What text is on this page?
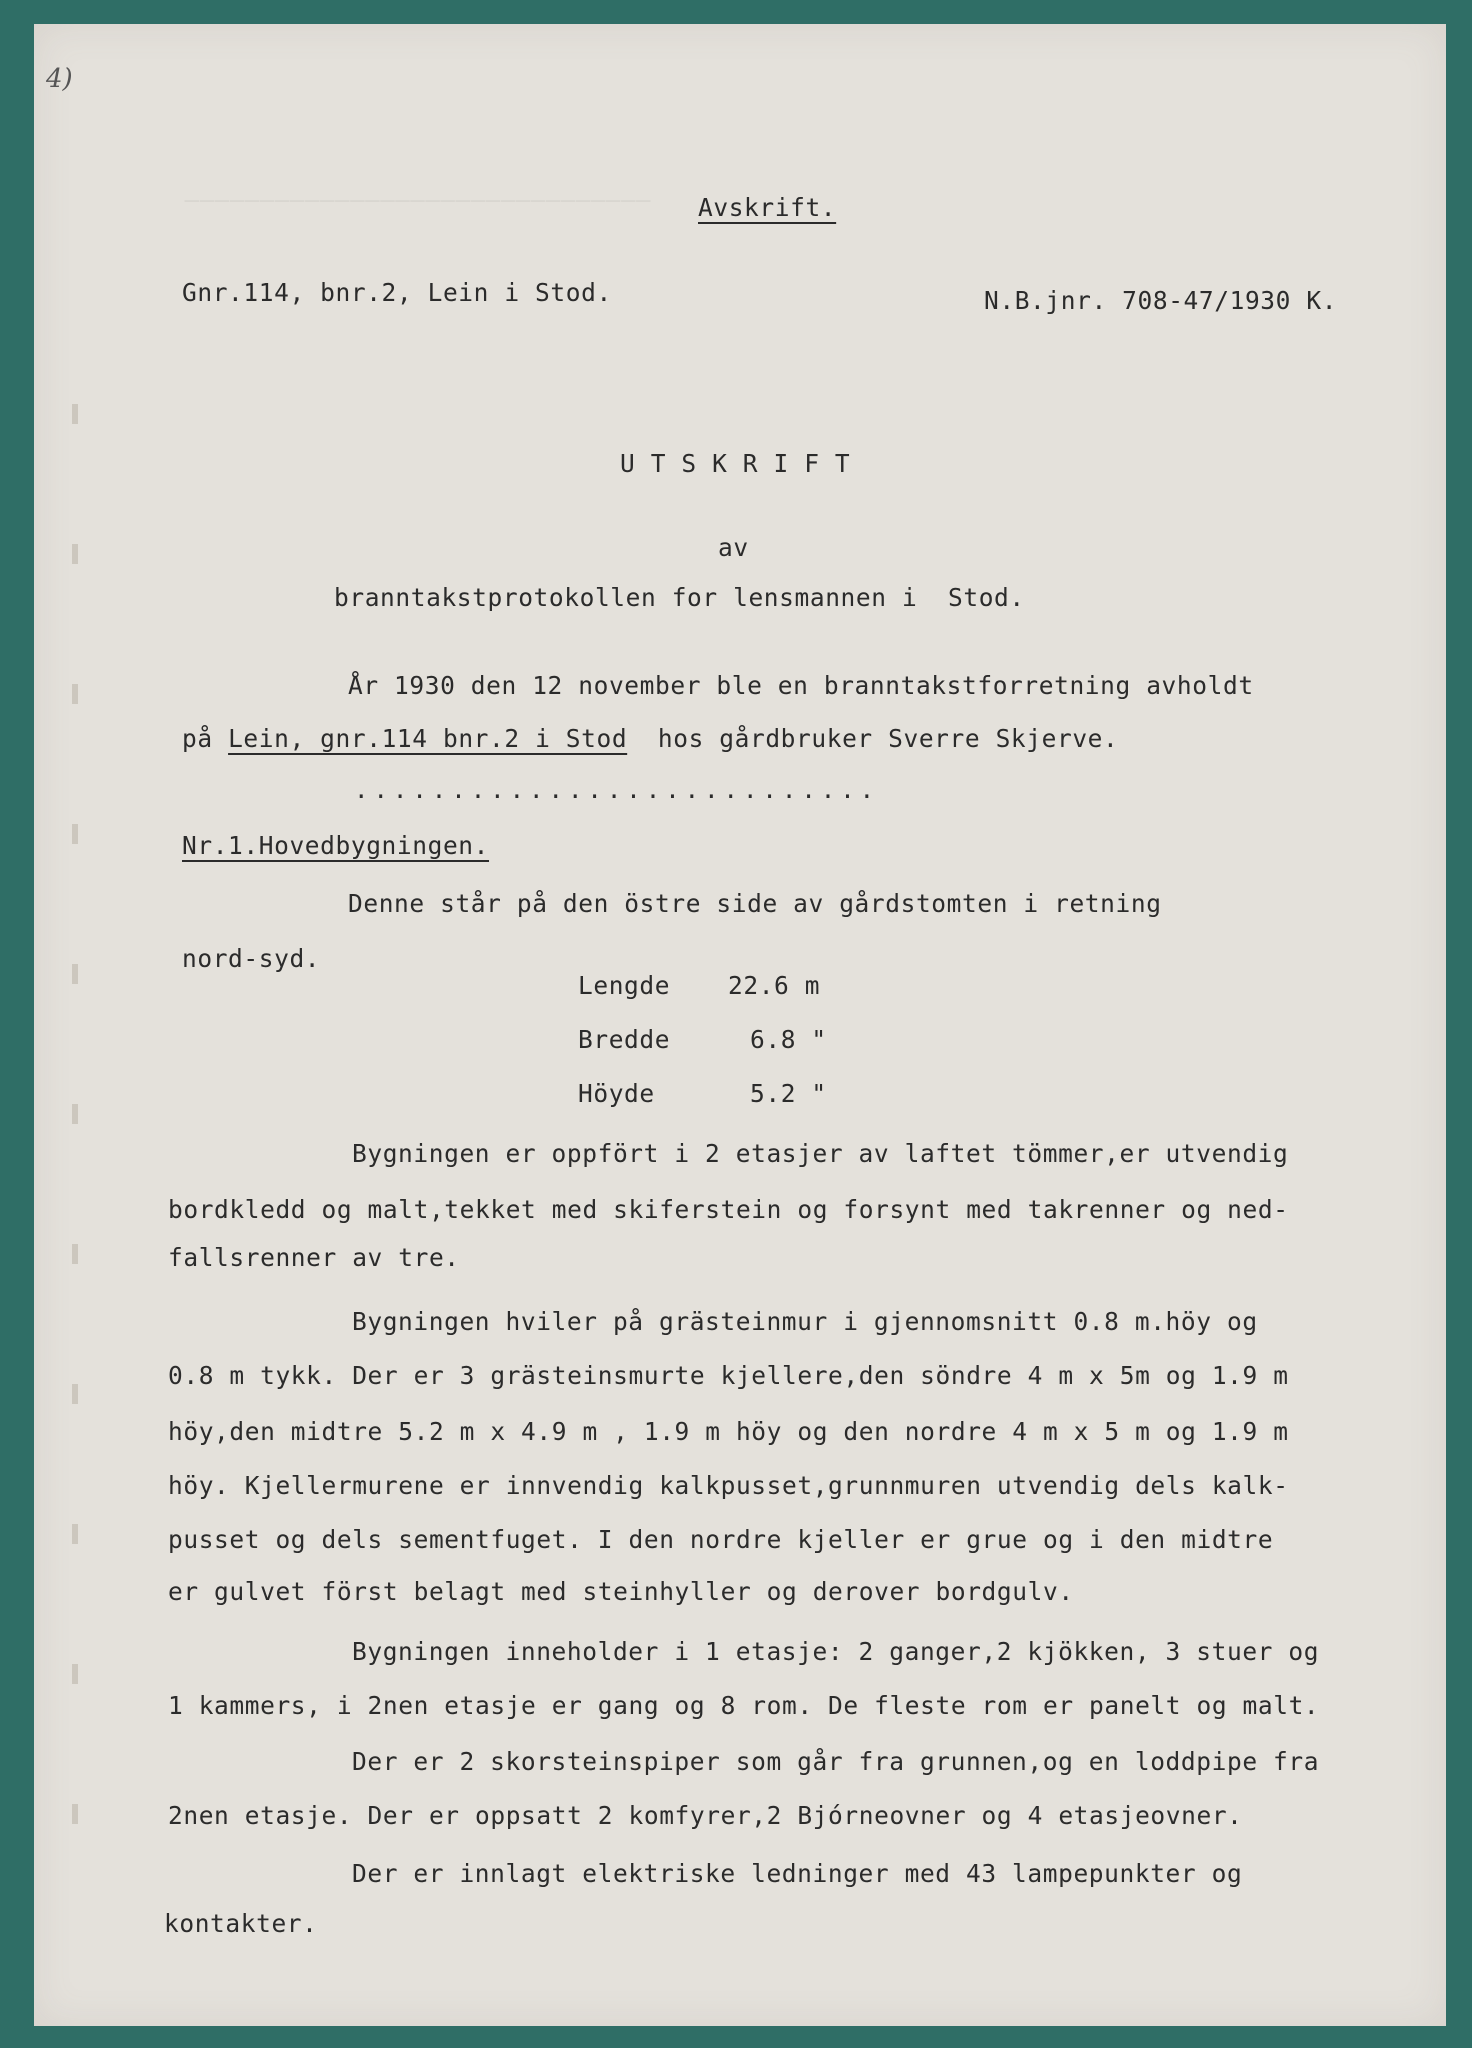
_______________________________
4)
Avskrift.
Gnr.114, bnr.2, Lein i Stod.	N.B.jnr. 708-47/1930 K.
U T S K R I F T
av
branntakstprotokollen for lensmannen i  Stod.
År 1930 den 12 november ble en branntakstforretning avholdt
på Lein, gnr.114 bnr.2 i Stod  hos gårdbruker Sverre Skjerve.
...........................
Nr.1.Hovedbygningen.
Denne står på den östre side av gårdstomten i retning
nord-syd.
Lengde 22.6 m
Bredde	6.8 "
Höyde	5.2 "
Bygningen er oppfört i 2 etasjer av laftet tömmer,er utvendig
bordkledd og malt,tekket med skiferstein og forsynt med takrenner og ned-
fallsrenner av tre.
Bygningen hviler på grästeinmur i gjennomsnitt 0.8 m.höy og
0.8 m tykk. Der er 3 grästeinsmurte kjellere,den söndre 4 m x 5m og 1.9 m
höy,den midtre 5.2 m x 4.9 m , 1.9 m höy og den nordre 4 m x 5 m og 1.9 m
höy. Kjellermurene er innvendig kalkpusset,grunnmuren utvendig dels kalk-
pusset og dels sementfuget. I den nordre kjeller er grue og i den midtre
er gulvet först belagt med steinhyller og derover bordgulv.
Bygningen inneholder i 1 etasje: 2 ganger,2 kjökken, 3 stuer og
1 kammers, i 2nen etasje er gang og 8 rom. De fleste rom er panelt og malt.
Der er 2 skorsteinspiper som går fra grunnen,og en loddpipe fra
2nen etasje. Der er oppsatt 2 komfyrer,2 Bjórneovner og 4 etasjeovner.
Der er innlagt elektriske ledninger med 43 lampepunkter og
kontakter.
